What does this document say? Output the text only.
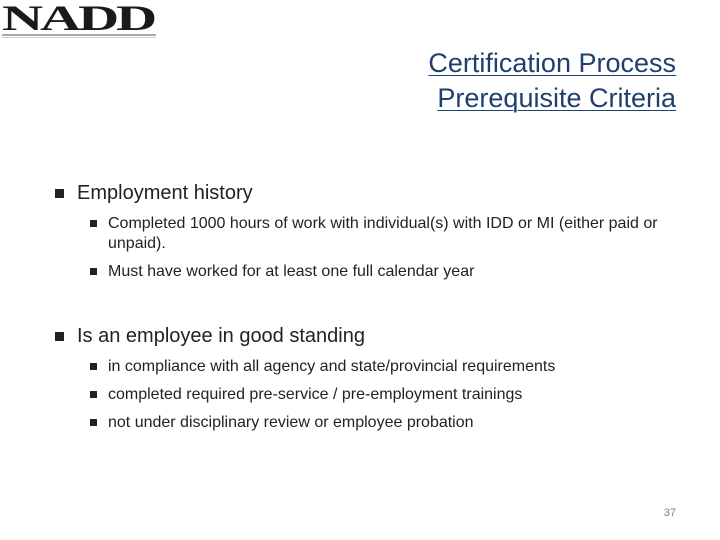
NADD
Certification Process
Prerequisite Criteria
Employment history
Completed 1000 hours of work with individual(s) with IDD or MI (either paid or unpaid).
Must have worked for at least one full calendar year
Is an employee in good standing
in compliance with all agency and state/provincial requirements
completed required pre-service / pre-employment trainings
not under disciplinary review or employee probation
37
